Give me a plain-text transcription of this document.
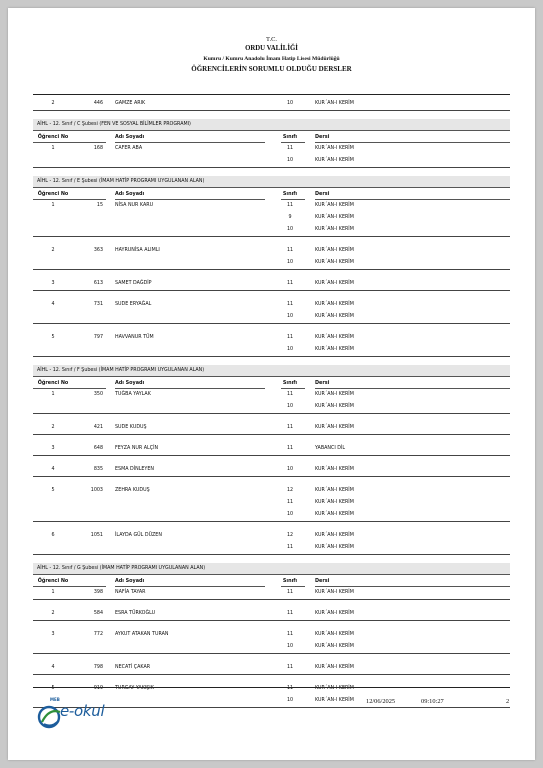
T.C.
ORDU VALİLİĞİ
Kumru / Kumru Anadolu İmam Hatip Lisesi Müdürlüğü
ÖĞRENCİLERİN SORUMLU OLDUĞU DERSLER
2	446	GAMZE ARIK	10	KUR´AN-I KERİM
AİHL - 12. Sınıf / C Şubesi (FEN VE SOSYAL BİLİMLER PROGRAMI)
Öğrenci No	Adı Soyadı	Sınıfı	Dersi
1	168	CAFER ABA	11	KUR´AN-I KERİM
10	KUR´AN-I KERİM
AİHL - 12. Sınıf / E Şubesi (İMAM HATİP PROGRAMI UYGULANAN ALAN)
Öğrenci No	Adı Soyadı	Sınıfı	Dersi
1	15	NİSA NUR KARU	11	KUR´AN-I KERİM
9	KUR´AN-I KERİM
10	KUR´AN-I KERİM
2	363	HAYRUNİSA ALIMLI	11	KUR´AN-I KERİM
10	KUR´AN-I KERİM
3	613	SAMET DAĞDİP	11	KUR´AN-I KERİM
4	731	SUDE ERYAĞAL	11	KUR´AN-I KERİM
10	KUR´AN-I KERİM
5	797	HAVVANUR TÜM	11	KUR´AN-I KERİM
10	KUR´AN-I KERİM
AİHL - 12. Sınıf / F Şubesi (İMAM HATİP PROGRAMI UYGULANAN ALAN)
Öğrenci No	Adı Soyadı	Sınıfı	Dersi
1	350	TUĞBA YAYLAK	11	KUR´AN-I KERİM
10	KUR´AN-I KERİM
2	421	SUDE KUDUŞ	11	KUR´AN-I KERİM
3	648	FEYZA NUR ALÇİN	11	YABANCI DİL
4	835	ESMA DİNLEYEN	10	KUR´AN-I KERİM
5	1003	ZEHRA KUDUŞ	12	KUR´AN-I KERİM
11	KUR´AN-I KERİM
10	KUR´AN-I KERİM
6	1051	İLAYDA GÜL DÜZEN	12	KUR´AN-I KERİM
11	KUR´AN-I KERİM
AİHL - 12. Sınıf / G Şubesi (İMAM HATİP PROGRAMI UYGULANAN ALAN)
Öğrenci No	Adı Soyadı	Sınıfı	Dersi
1	398	NAFİA TAYAR	11	KUR´AN-I KERİM
2	584	ESRA TÜRKOĞLU	11	KUR´AN-I KERİM
3	772	AYKUT ATAKAN TURAN	11	KUR´AN-I KERİM
10	KUR´AN-I KERİM
4	798	NECATİ ÇAKAR	11	KUR´AN-I KERİM
5	919	TURGAY YAKIŞIK	11	KUR´AN-I KERİM
10	KUR´AN-I KERİM
MEB
e-okul
12/06/2025	09:10:27	2
